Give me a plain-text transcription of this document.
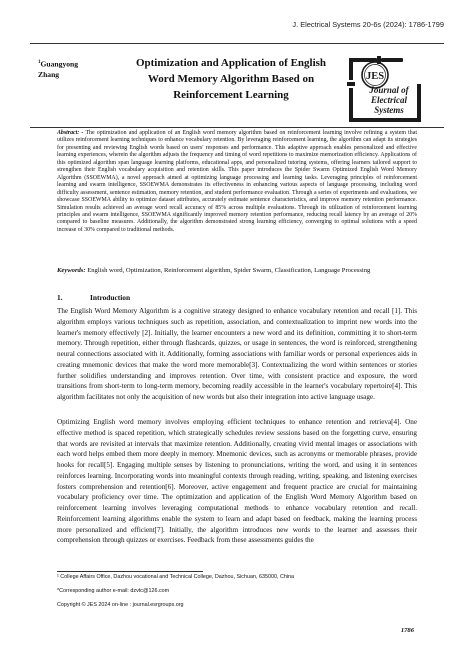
J. Electrical Systems 20-6s (2024): 1786-1799
$^1$Guangyong
Zhang
Optimization and Application of English Word Memory Algorithm Based on Reinforcement Learning
JES
Journal of
Electrical
Systems
Abstract: - The optimization and application of an English word memory algorithm based on reinforcement learning involve refining a system that utilizes reinforcement learning techniques to enhance vocabulary retention. By leveraging reinforcement learning, the algorithm can adapt its strategies for presenting and reviewing English words based on users' responses and performance. This adaptive approach enables personalized and effective learning experiences, wherein the algorithm adjusts the frequency and timing of word repetitions to maximize memorization efficiency. Applications of this optimized algorithm span language learning platforms, educational apps, and personalized tutoring systems, offering learners tailored support to strengthen their English vocabulary acquisition and retention skills. This paper introduces the Spider Swarm Optimized English Word Memory Algorithm (SSOEWMA), a novel approach aimed at optimizing language processing and learning tasks. Leveraging principles of reinforcement learning and swarm intelligence, SSOEWMA demonstrates its effectiveness in enhancing various aspects of language processing, including word difficulty assessment, sentence estimation, memory retention, and student performance evaluation. Through a series of experiments and evaluations, we showcase SSOEWMA ability to optimize dataset attributes, accurately estimate sentence characteristics, and improve memory retention performance. Simulation results achieved an average word recall accuracy of 85% across multiple evaluations. Through its utilization of reinforcement learning principles and swarm intelligence, SSOEWMA significantly improved memory retention performance, reducing recall latency by an average of 20% compared to baseline measures. Additionally, the algorithm demonstrated strong learning efficiency, converging to optimal solutions with a speed increase of 30% compared to traditional methods.
Keywords: English word, Optimization, Reinforcement algorithm, Spider Swarm, Classification, Language Processing
1.	Introduction
The English Word Memory Algorithm is a cognitive strategy designed to enhance vocabulary retention and recall [1]. This algorithm employs various techniques such as repetition, association, and contextualization to imprint new words into the learner's memory effectively [2]. Initially, the learner encounters a new word and its definition, committing it to short-term memory. Through repetition, either through flashcards, quizzes, or usage in sentences, the word is reinforced, strengthening neural connections associated with it. Additionally, forming associations with familiar words or personal experiences aids in creating mnemonic devices that make the word more memorable[3]. Contextualizing the word within sentences or stories further solidifies understanding and improves retention. Over time, with consistent practice and exposure, the word transitions from short-term to long-term memory, becoming readily accessible in the learner's vocabulary repertoire[4]. This algorithm facilitates not only the acquisition of new words but also their integration into active language usage.
Optimizing English word memory involves employing efficient techniques to enhance retention and retrieva[4]. One effective method is spaced repetition, which strategically schedules review sessions based on the forgetting curve, ensuring that words are revisited at intervals that maximize retention. Additionally, creating vivid mental images or associations with each word helps embed them more deeply in memory. Mnemonic devices, such as acronyms or memorable phrases, provide hooks for recall[5]. Engaging multiple senses by listening to pronunciations, writing the word, and using it in sentences reinforces learning. Incorporating words into meaningful contexts through reading, writing, speaking, and listening exercises fosters comprehension and retention[6]. Moreover, active engagement and frequent practice are crucial for maintaining vocabulary proficiency over time. The optimization and application of the English Word Memory Algorithm based on reinforcement learning involves leveraging computational methods to enhance vocabulary retention and recall. Reinforcement learning algorithms enable the system to learn and adapt based on feedback, making the learning process more personalized and efficient[7]. Initially, the algorithm introduces new words to the learner and assesses their comprehension through quizzes or exercises. Feedback from these assessments guides the
¹ College Affairs Office, Dazhou vocational and Technical College, Dazhou, Sichuan, 635000, China
*Corresponding author e-mail: dzvtc@126.com
Copyright © JES 2024 on-line : journal.esrgroups.org
1786
